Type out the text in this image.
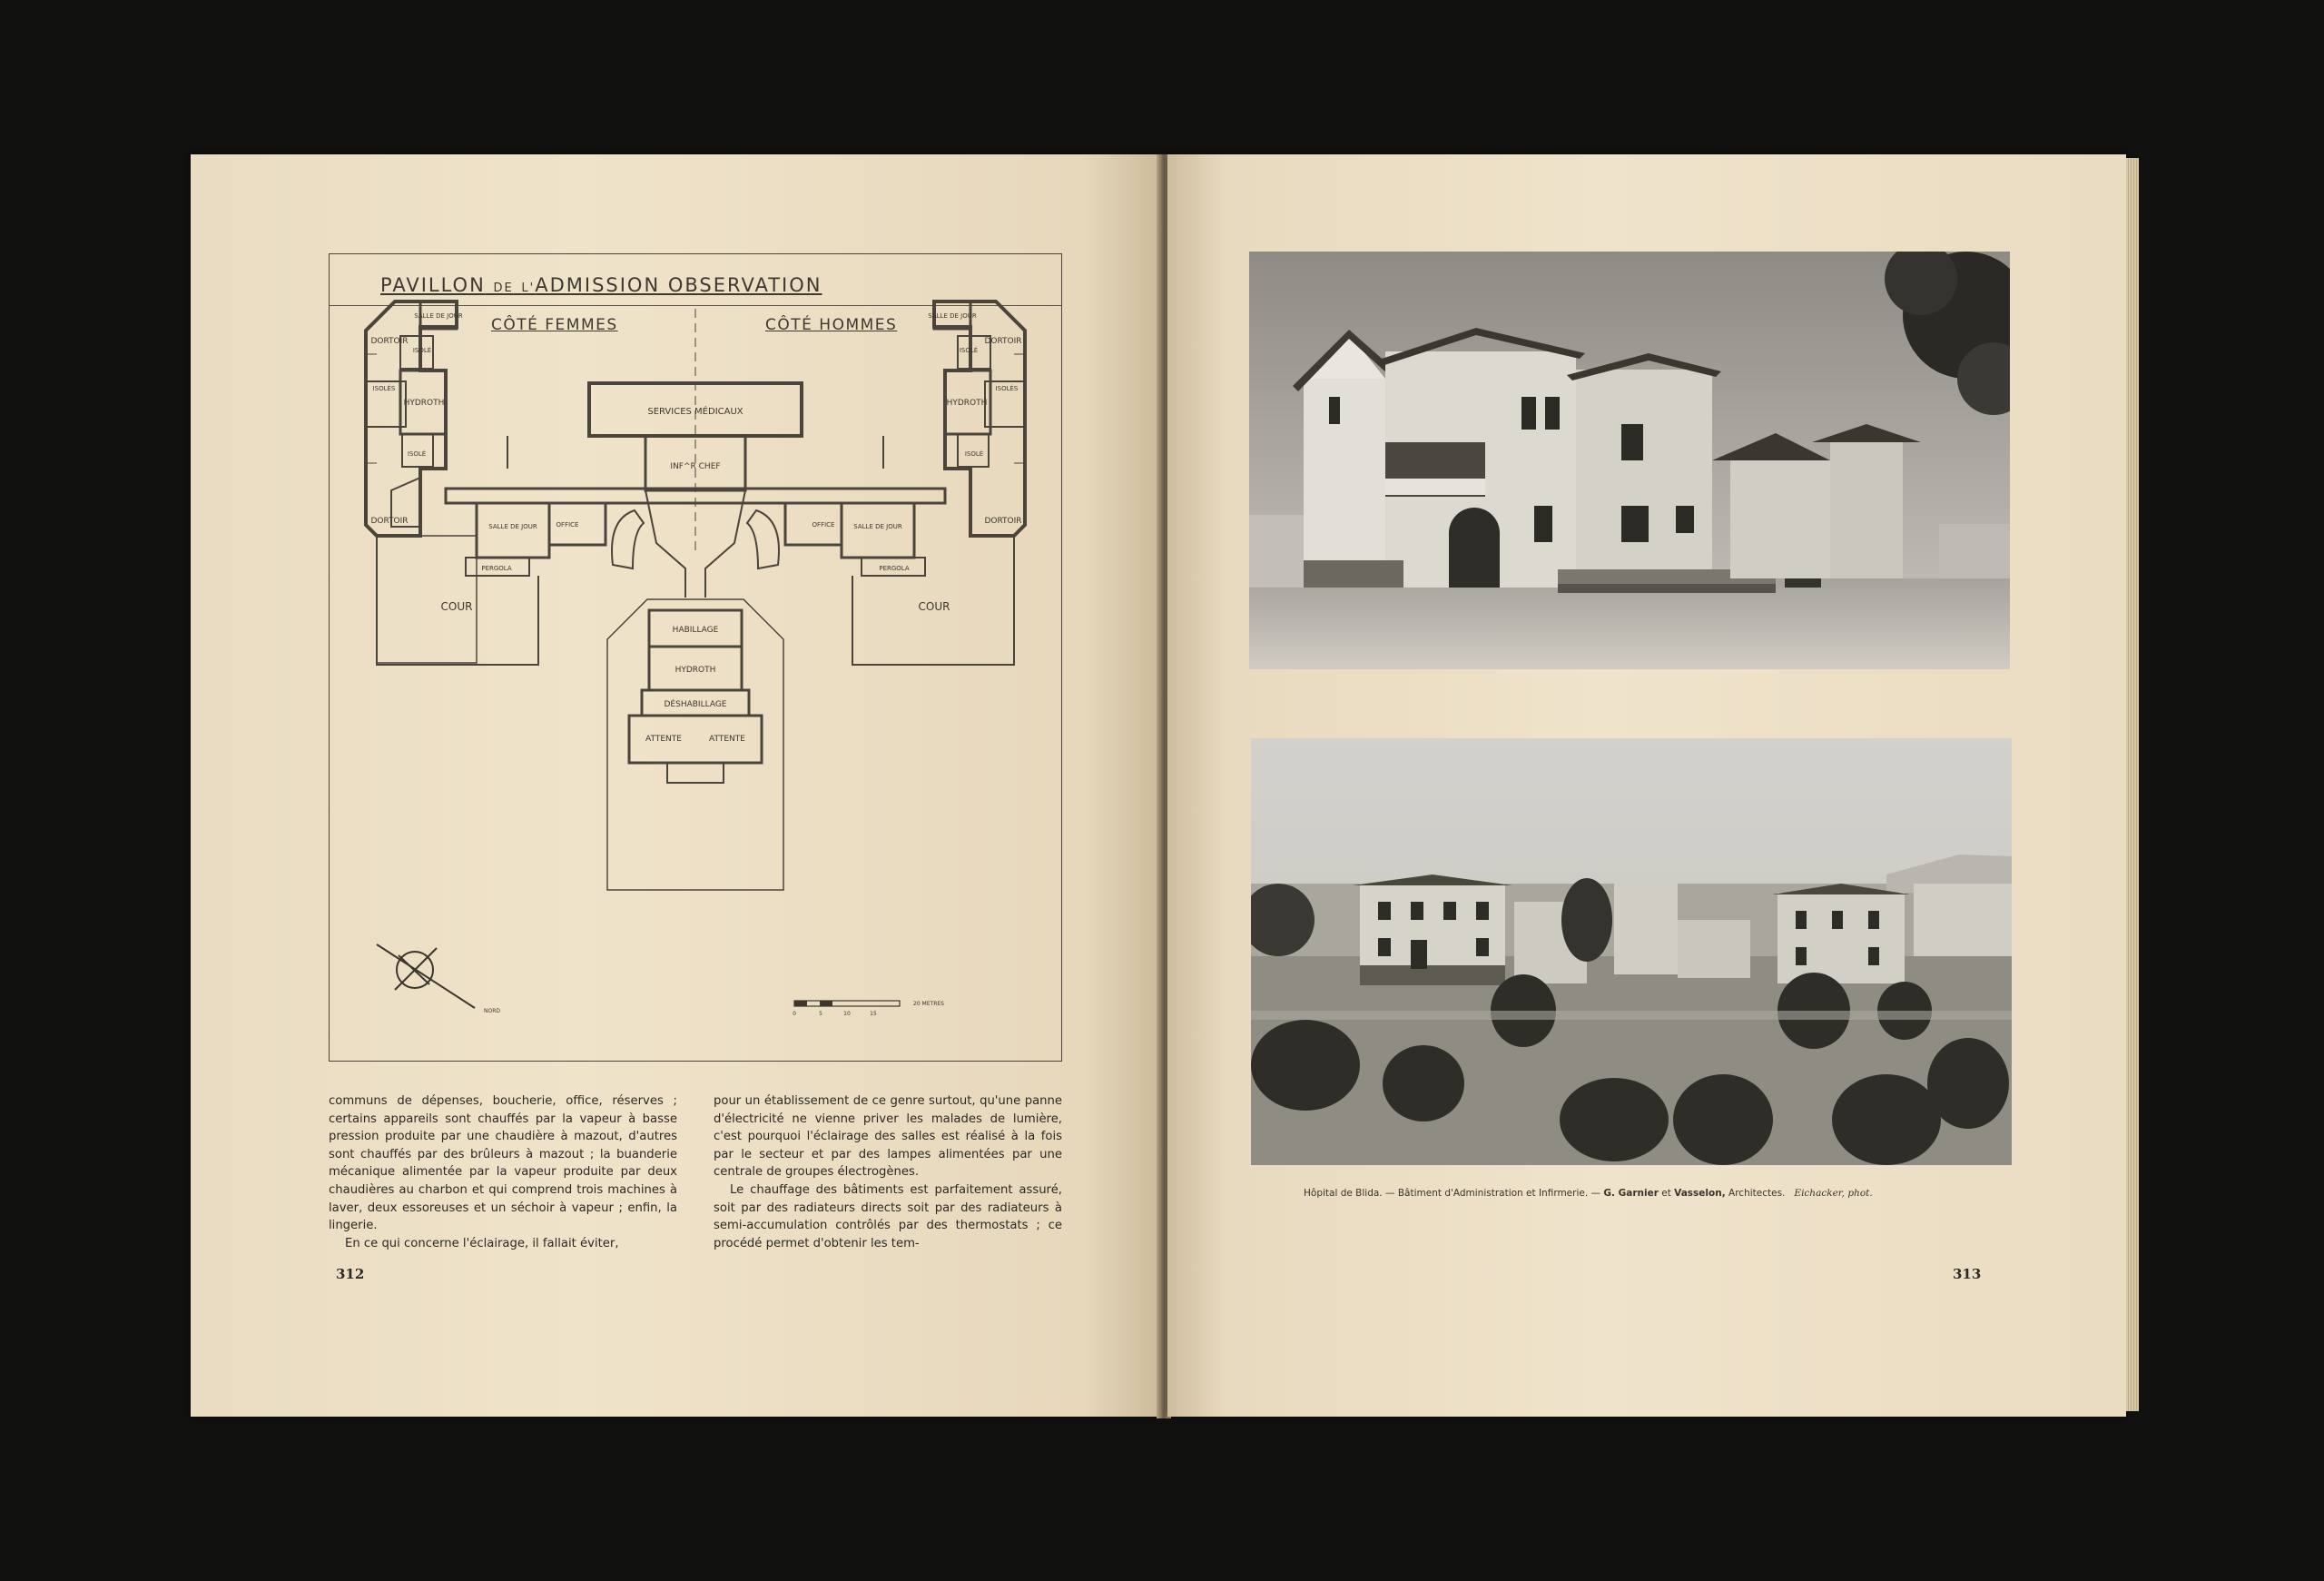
PAVILLON DE L'ADMISSION OBSERVATION
CÔTÉ FEMMES	CÔTÉ HOMMES
DORTOIR
DORTOIR
DORTOIR
DORTOIR
SALLE DE JOUR	SALLE DE JOUR
ISOLÉ
ISOLÉ
ISOLÉ
ISOLÉ
ISOLÉS	ISOLÉS
HYDROTH	HYDROTH
SERVICES MÉDICAUX
INF^R CHEF
SALLE DE JOUR	SALLE DE JOUR
OFFICE	OFFICE
PERGOLA	PERGOLA
COUR	COUR
HABILLAGE
HYDROTH
DÉSHABILLAGE
ATTENTE	ATTENTE
NORD	0	5	10	15
20 METRES

communs de dépenses, boucherie, office, réserves ; certains appareils sont chauffés par la vapeur à basse pression produite par une chaudière à mazout, d'autres sont chauffés par des brûleurs à mazout ; la buanderie mécanique alimentée par la vapeur produite par deux chaudières au charbon et qui comprend trois machines à laver, deux essoreuses et un séchoir à vapeur ; enfin, la lingerie.

En ce qui concerne l'éclairage, il fallait éviter,

pour un établissement de ce genre surtout, qu'une panne d'électricité ne vienne priver les malades de lumière, c'est pourquoi l'éclairage des salles est réalisé à la fois par le secteur et par des lampes alimentées par une centrale de groupes électrogènes.

Le chauffage des bâtiments est parfaitement assuré, soit par des radiateurs directs soit par des radiateurs à semi-accumulation contrôlés par des thermostats ; ce procédé permet d'obtenir les tem-

312
Hôpital de Blida. — Bâtiment d'Administration et Infirmerie. — G. Garnier et Vasselon, Architectes. Eichacker, phot.
313
